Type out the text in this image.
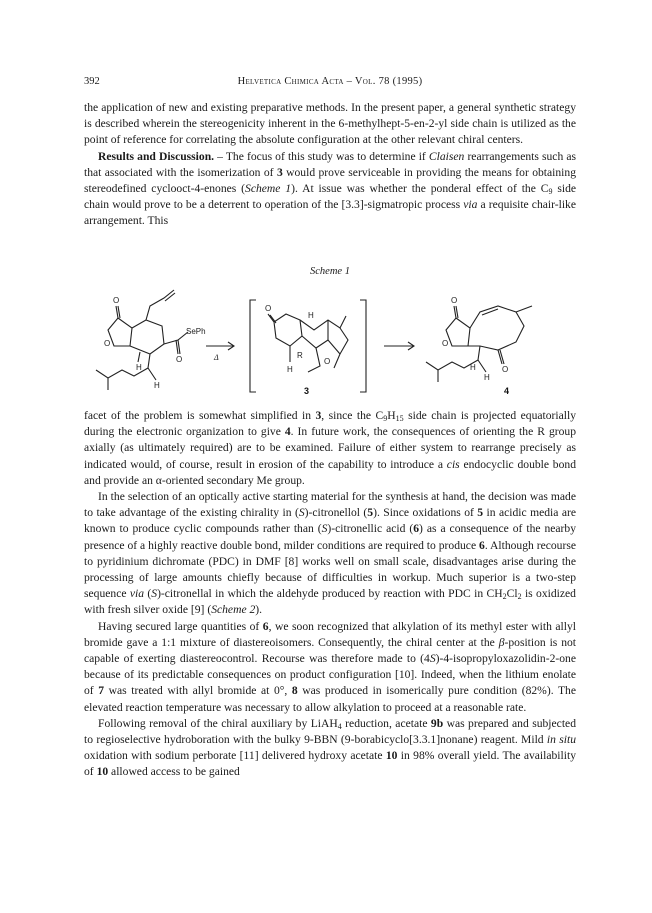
392	Helvetica Chimica Acta – Vol. 78 (1995)

the application of new and existing preparative methods. In the present paper, a general synthetic strategy is described wherein the stereogenicity inherent in the 6-methylhept-5-en-2-yl side chain is utilized as the point of reference for correlating the absolute configuration at the other relevant chiral centers.

Results and Discussion. – The focus of this study was to determine if Claisen rearrangements such as that associated with the isomerization of 3 would prove serviceable in providing the means for obtaining stereodefined cyclooct-4-enones (Scheme 1). At issue was whether the ponderal effect of the $C_9$ side chain would prove to be a deterrent to operation of the [3.3]-sigmatropic process via a requisite chair-like arrangement. This

Scheme 1
O
O
SePh
O
H
H
Δ
O
H
R
H
O
O
O
O
H
H
3	4

facet of the problem is somewhat simplified in 3, since the $C_9H_{15}$ side chain is projected equatorially during the electronic organization to give 4. In future work, the consequences of orienting the R group axially (as ultimately required) are to be examined. Failure of either system to rearrange precisely as indicated would, of course, result in erosion of the capability to introduce a cis endocyclic double bond and provide an α-oriented secondary Me group.

In the selection of an optically active starting material for the synthesis at hand, the decision was made to take advantage of the existing chirality in (S)-citronellol (5). Since oxidations of 5 in acidic media are known to produce cyclic compounds rather than (S)-citronellic acid (6) as a consequence of the nearby presence of a highly reactive double bond, milder conditions are required to produce 6. Although recourse to pyridinium dichromate (PDC) in DMF [8] works well on small scale, disadvantages arise during the processing of large amounts chiefly because of difficulties in workup. Much superior is a two-step sequence via (S)-citronellal in which the aldehyde produced by reaction with PDC in $CH_2Cl_2$ is oxidized with fresh silver oxide [9] (Scheme 2).

Having secured large quantities of 6, we soon recognized that alkylation of its methyl ester with allyl bromide gave a 1:1 mixture of diastereoisomers. Consequently, the chiral center at the β-position is not capable of exerting diastereocontrol. Recourse was therefore made to (4S)-4-isopropyloxazolidin-2-one because of its predictable consequences on product configuration [10]. Indeed, when the lithium enolate of 7 was treated with allyl bromide at 0°, 8 was produced in isomerically pure condition (82%). The elevated reaction temperature was necessary to allow alkylation to proceed at a reasonable rate.

Following removal of the chiral auxiliary by LiAH$_4$ reduction, acetate 9b was prepared and subjected to regioselective hydroboration with the bulky 9-BBN (9-borabicyclo[3.3.1]nonane) reagent. Mild in situ oxidation with sodium perborate [11] delivered hydroxy acetate 10 in 98% overall yield. The availability of 10 allowed access to be gained
